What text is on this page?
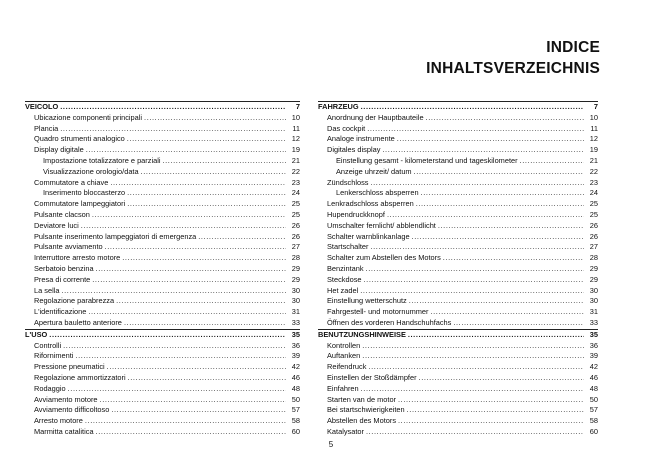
INDICE
INHALTSVERZEICHNIS
VEICOLO .....	7
Ubicazione componenti principali .....	10
Plancia .....	11
Quadro strumenti analogico .....	12
Display digitale .....	19
Impostazione totalizzatore e parziali .....	21
Visualizzazione orologio/data .....	22
Commutatore a chiave .....	23
Inserimento bloccasterzo .....	24
Commutatore lampeggiatori .....	25
Pulsante clacson .....	25
Deviatore luci .....	26
Pulsante inserimento lampeggiatori di emergenza .....	26
Pulsante avviamento .....	27
Interruttore arresto motore .....	28
Serbatoio benzina .....	29
Presa di corrente .....	29
La sella .....	30
Regolazione parabrezza .....	30
L'identificazione .....	31
Apertura bauletto anteriore .....	33
L'USO .....	35
Controlli .....	36
Rifornimenti .....	39
Pressione pneumatici .....	42
Regolazione ammortizzatori .....	46
Rodaggio .....	48
Avviamento motore .....	50
Avviamento difficoltoso .....	57
Arresto motore .....	58
Marmitta catalitica .....	60
FAHRZEUG .....	7
Anordnung der Hauptbauteile .....	10
Das cockpit .....	11
Analoge instrumente .....	12
Digitales display .....	19
Einstellung gesamt - kilometerstand und tageskilometer .....	21
Anzeige uhrzeit/ datum .....	22
Zündschloss .....	23
Lenkerschloss absperren .....	24
Lenkradschloss absperren .....	25
Hupendruckknopf .....	25
Umschalter fernlicht/ abblendlicht .....	26
Schalter warnblinkanlage .....	26
Startschalter .....	27
Schalter zum Abstellen des Motors .....	28
Benzintank .....	29
Steckdose .....	29
Het zadel .....	30
Einstellung wetterschutz .....	30
Fahrgestell- und motornummer .....	31
Öffnen des vorderen Handschuhfachs .....	33
BENUTZUNGSHINWEISE .....	35
Kontrollen .....	36
Auftanken .....	39
Reifendruck .....	42
Einstellen der Stoßdämpfer .....	46
Einfahren .....	48
Starten van de motor .....	50
Bei startschwierigkeiten .....	57
Abstellen des Motors .....	58
Katalysator .....	60
5
